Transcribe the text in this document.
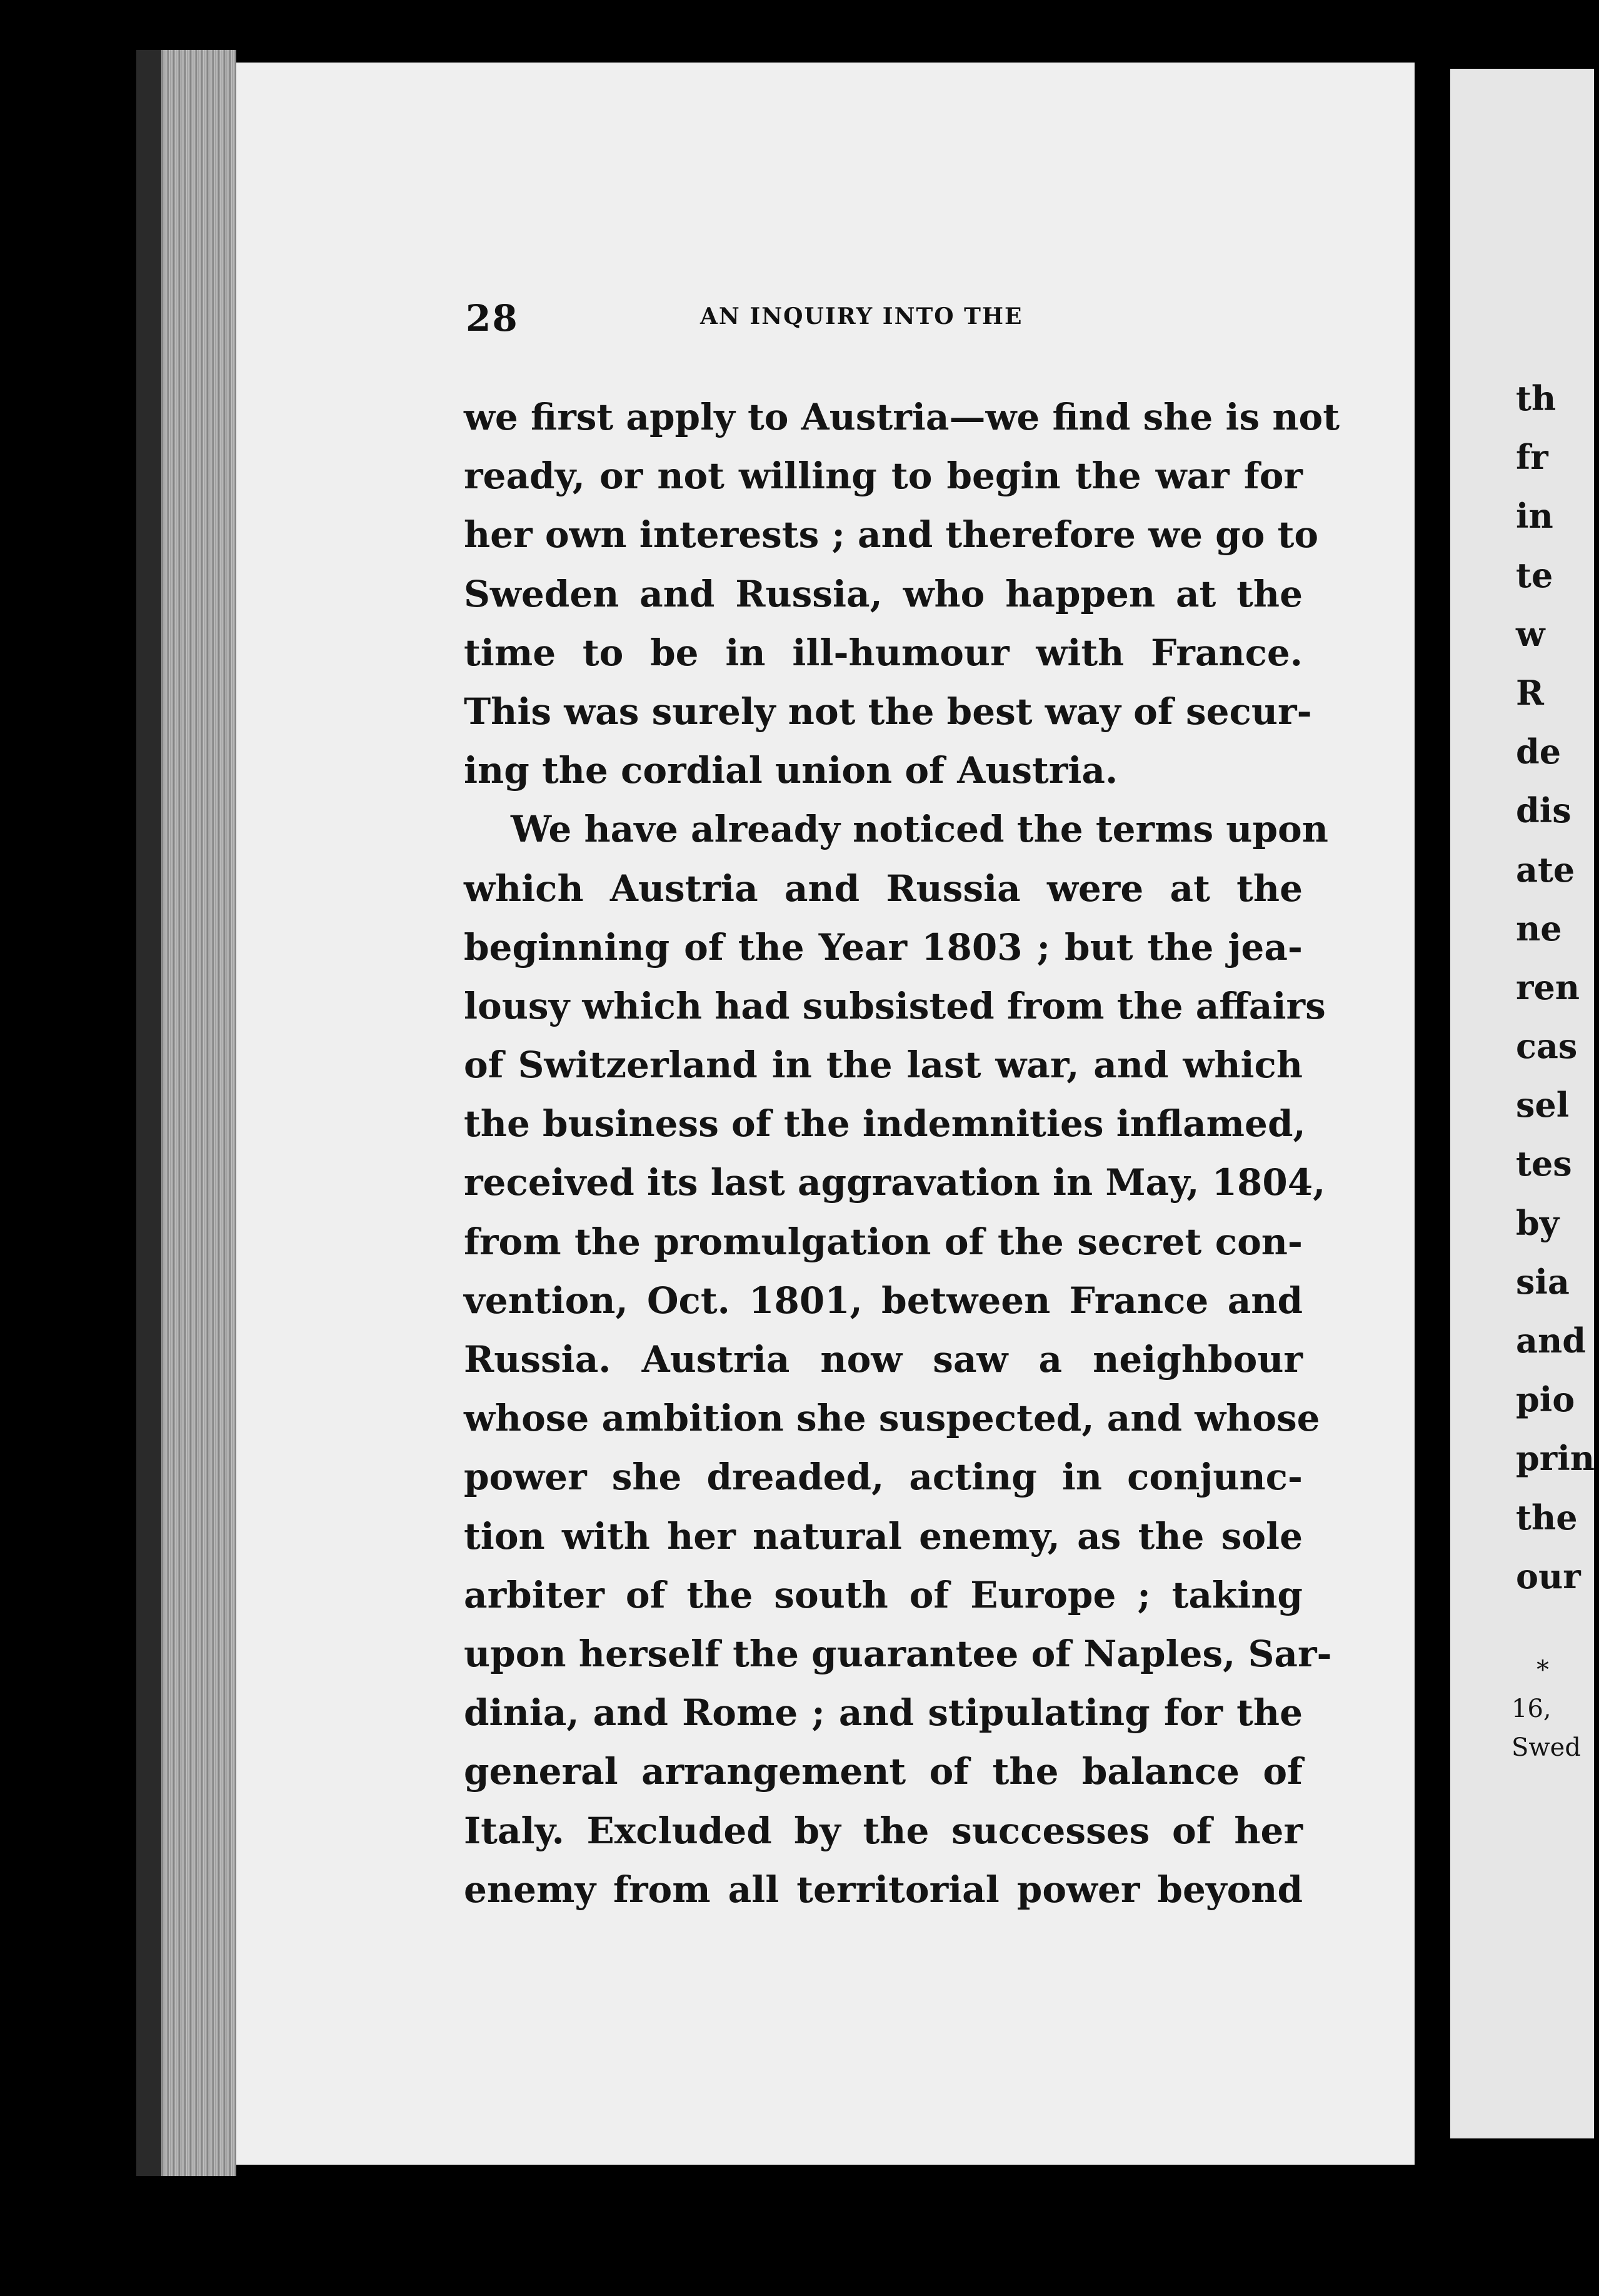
28	AN INQUIRY INTO THE
we first apply to Austria—we find she is not
ready, or not willing to begin the war for
her own interests ; and therefore we go to
Sweden and Russia, who happen at the
time to be in ill-humour with France.
This was surely not the best way of secur-
ing the cordial union of Austria.
We have already noticed the terms upon
which Austria and Russia were at the
beginning of the Year 1803 ; but the jea-
lousy which had subsisted from the affairs
of Switzerland in the last war, and which
the business of the indemnities inflamed,
received its last aggravation in May, 1804,
from the promulgation of the secret con-
vention, Oct. 1801, between France and
Russia. Austria now saw a neighbour
whose ambition she suspected, and whose
power she dreaded, acting in conjunc-
tion with her natural enemy, as the sole
arbiter of the south of Europe ; taking
upon herself the guarantee of Naples, Sar-
dinia, and Rome ; and stipulating for the
general arrangement of the balance of
Italy. Excluded by the successes of her
enemy from all territorial power beyond
th
fr
in
te
w
R
de
dis
ate
ne
ren
cas
sel
tes
by
sia
and
pio
prin
the
our
*
16,
Swed
